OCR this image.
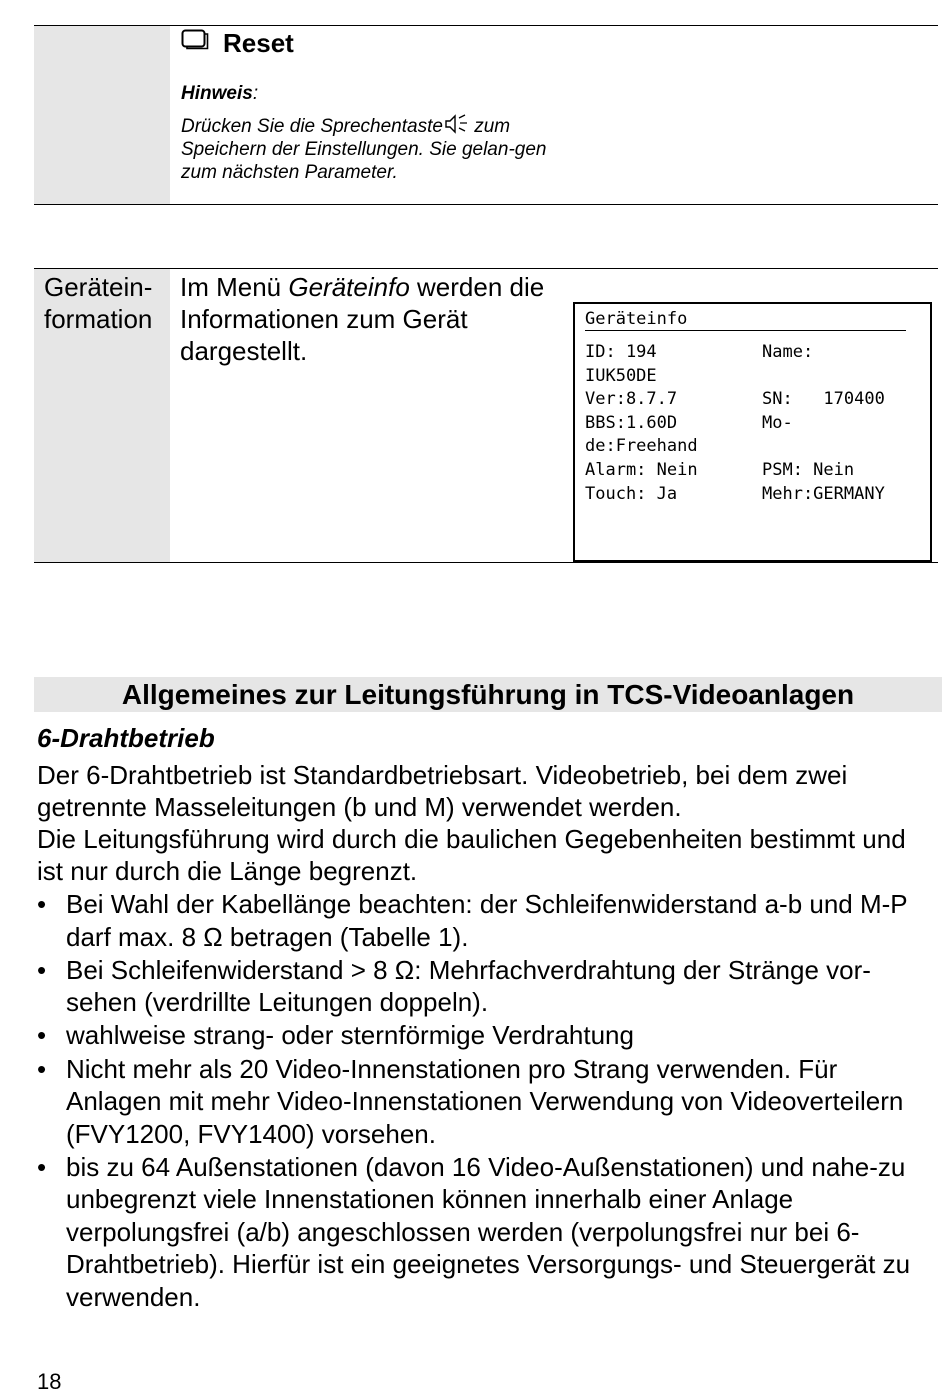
Reset
Hinweis:
Drücken Sie die Sprechentaste zum Speichern der Einstellungen. Sie gelan-gen zum nächsten Parameter.
Gerätein-
formation
Im Menü Geräteinfo werden die Informationen zum Gerät dargestellt.
Geräteinfo
ID: 194	Name:
IUK50DE
Ver:8.7.7	SN:   170400
BBS:1.60D	Mo-
de:Freehand
Alarm: Nein	PSM: Nein
Touch: Ja	Mehr:GERMANY
Allgemeines zur Leitungsführung in TCS-Videoanlagen
6-Drahtbetrieb
Der 6-Drahtbetrieb ist Standardbetriebsart. Videobetrieb, bei dem zwei getrennte Masseleitungen (b und M) verwendet werden.
Die Leitungsführung wird durch die baulichen Gegebenheiten bestimmt und ist nur durch die Länge begrenzt.
• Bei Wahl der Kabellänge beachten: der Schleifenwiderstand a-b und M-P darf max. 8 Ω betragen (Tabelle 1).
• Bei Schleifenwiderstand > 8 Ω: Mehrfachverdrahtung der Stränge vor-sehen (verdrillte Leitungen doppeln).
• wahlweise strang- oder sternförmige Verdrahtung
• Nicht mehr als 20 Video-Innenstationen pro Strang verwenden. Für Anlagen mit mehr Video-Innenstationen Verwendung von Videoverteilern (FVY1200, FVY1400) vorsehen.
• bis zu 64 Außenstationen (davon 16 Video-Außenstationen) und nahe-zu unbegrenzt viele Innenstationen können innerhalb einer Anlage verpolungsfrei (a/b) angeschlossen werden (verpolungsfrei nur bei 6-Drahtbetrieb). Hierfür ist ein geeignetes Versorgungs- und Steuergerät zu verwenden.
18
